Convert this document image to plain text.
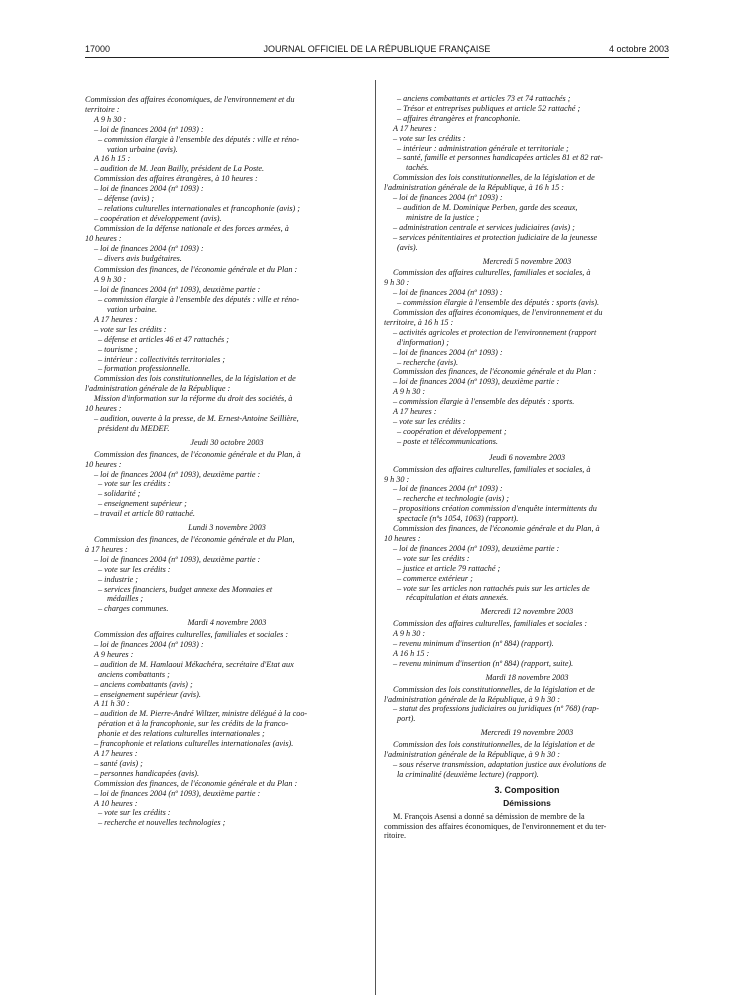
17000	JOURNAL OFFICIEL DE LA RÉPUBLIQUE FRANÇAISE	4 octobre 2003
Commission des affaires économiques, de l'environnement et du
territoire :
A 9 h 30 :
– loi de finances 2004 (nº 1093) :
– commission élargie à l'ensemble des députés : ville et réno-
vation urbaine (avis).
A 16 h 15 :
– audition de M. Jean Bailly, président de La Poste.
Commission des affaires étrangères, à 10 heures :
– loi de finances 2004 (nº 1093) :
– défense (avis) ;
– relations culturelles internationales et francophonie (avis) ;
– coopération et développement (avis).
Commission de la défense nationale et des forces armées, à
10 heures :
– loi de finances 2004 (nº 1093) :
– divers avis budgétaires.
Commission des finances, de l'économie générale et du Plan :
A 9 h 30 :
– loi de finances 2004 (nº 1093), deuxième partie :
– commission élargie à l'ensemble des députés : ville et réno-
vation urbaine.
A 17 heures :
– vote sur les crédits :
– défense et articles 46 et 47 rattachés ;
– tourisme ;
– intérieur : collectivités territoriales ;
– formation professionnelle.
Commission des lois constitutionnelles, de la législation et de
l'administration générale de la République :
Mission d'information sur la réforme du droit des sociétés, à
10 heures :
– audition, ouverte à la presse, de M. Ernest-Antoine Seillière,
président du MEDEF.
Jeudi 30 octobre 2003
Commission des finances, de l'économie générale et du Plan, à
10 heures :
– loi de finances 2004 (nº 1093), deuxième partie :
– vote sur les crédits :
– solidarité ;
– enseignement supérieur ;
– travail et article 80 rattaché.
Lundi 3 novembre 2003
Commission des finances, de l'économie générale et du Plan,
à 17 heures :
– loi de finances 2004 (nº 1093), deuxième partie :
– vote sur les crédits :
– industrie ;
– services financiers, budget annexe des Monnaies et
médailles ;
– charges communes.
Mardi 4 novembre 2003
Commission des affaires culturelles, familiales et sociales :
– loi de finances 2004 (nº 1093) :
A 9 heures :
– audition de M. Hamlaoui Mékachéra, secrétaire d'Etat aux
anciens combattants ;
– anciens combattants (avis) ;
– enseignement supérieur (avis).
A 11 h 30 :
– audition de M. Pierre-André Wiltzer, ministre délégué à la coo-
pération et à la francophonie, sur les crédits de la franco-
phonie et des relations culturelles internationales ;
– francophonie et relations culturelles internationales (avis).
A 17 heures :
– santé (avis) ;
– personnes handicapées (avis).
Commission des finances, de l'économie générale et du Plan :
– loi de finances 2004 (nº 1093), deuxième partie :
A 10 heures :
– vote sur les crédits :
– recherche et nouvelles technologies ;
– anciens combattants et articles 73 et 74 rattachés ;
– Trésor et entreprises publiques et article 52 rattaché ;
– affaires étrangères et francophonie.
A 17 heures :
– vote sur les crédits :
– intérieur : administration générale et territoriale ;
– santé, famille et personnes handicapées articles 81 et 82 rat-
tachés.
Commission des lois constitutionnelles, de la législation et de
l'administration générale de la République, à 16 h 15 :
– loi de finances 2004 (nº 1093) :
– audition de M. Dominique Perben, garde des sceaux,
ministre de la justice ;
– administration centrale et services judiciaires (avis) ;
– services pénitentiaires et protection judiciaire de la jeunesse
(avis).
Mercredi 5 novembre 2003
Commission des affaires culturelles, familiales et sociales, à
9 h 30 :
– loi de finances 2004 (nº 1093) :
– commission élargie à l'ensemble des députés : sports (avis).
Commission des affaires économiques, de l'environnement et du
territoire, à 16 h 15 :
– activités agricoles et protection de l'environnement (rapport
d'information) ;
– loi de finances 2004 (nº 1093) :
– recherche (avis).
Commission des finances, de l'économie générale et du Plan :
– loi de finances 2004 (nº 1093), deuxième partie :
A 9 h 30 :
– commission élargie à l'ensemble des députés : sports.
A 17 heures :
– vote sur les crédits :
– coopération et développement ;
– poste et télécommunications.
Jeudi 6 novembre 2003
Commission des affaires culturelles, familiales et sociales, à
9 h 30 :
– loi de finances 2004 (nº 1093) :
– recherche et technologie (avis) ;
– propositions création commission d'enquête intermittents du
spectacle (nºs 1054, 1063) (rapport).
Commission des finances, de l'économie générale et du Plan, à
10 heures :
– loi de finances 2004 (nº 1093), deuxième partie :
– vote sur les crédits :
– justice et article 79 rattaché ;
– commerce extérieur ;
– vote sur les articles non rattachés puis sur les articles de
récapitulation et états annexés.
Mercredi 12 novembre 2003
Commission des affaires culturelles, familiales et sociales :
A 9 h 30 :
– revenu minimum d'insertion (nº 884) (rapport).
A 16 h 15 :
– revenu minimum d'insertion (nº 884) (rapport, suite).
Mardi 18 novembre 2003
Commission des lois constitutionnelles, de la législation et de
l'administration générale de la République, à 9 h 30 :
– statut des professions judiciaires ou juridiques (nº 768) (rap-
port).
Mercredi 19 novembre 2003
Commission des lois constitutionnelles, de la législation et de
l'administration générale de la République, à 9 h 30 :
– sous réserve transmission, adaptation justice aux évolutions de
la criminalité (deuxième lecture) (rapport).
3. Composition
Démissions
M. François Asensi a donné sa démission de membre de la
commission des affaires économiques, de l'environnement et du ter-
ritoire.
